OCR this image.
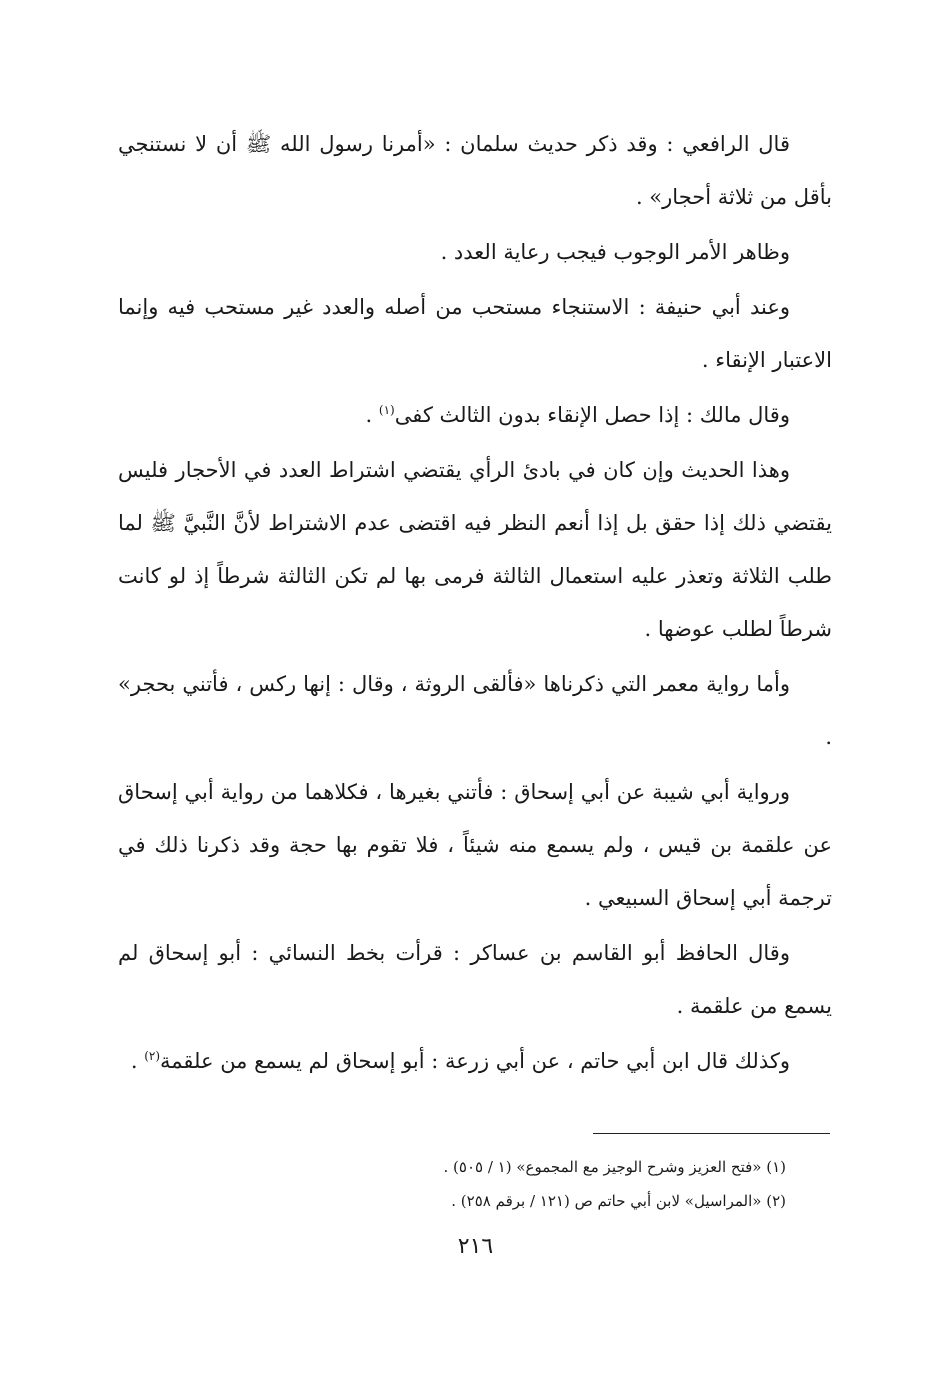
قال الرافعي : وقد ذكر حديث سلمان : «أمرنا رسول الله ﷺ أن لا نستنجي بأقل من ثلاثة أحجار» .

وظاهر الأمر الوجوب فيجب رعاية العدد .

وعند أبي حنيفة : الاستنجاء مستحب من أصله والعدد غير مستحب فيه وإنما الاعتبار الإنقاء .

وقال مالك : إذا حصل الإنقاء بدون الثالث كفى$^{(١)}$ .

وهذا الحديث وإن كان في بادئ الرأي يقتضي اشتراط العدد في الأحجار فليس يقتضي ذلك إذا حقق بل إذا أنعم النظر فيه اقتضى عدم الاشتراط لأنَّ النَّبيَّ ﷺ لما طلب الثلاثة وتعذر عليه استعمال الثالثة فرمى بها لم تكن الثالثة شرطاً إذ لو كانت شرطاً لطلب عوضها .

وأما رواية معمر التي ذكرناها «فألقى الروثة ، وقال : إنها ركس ، فأتني بحجر» .

ورواية أبي شيبة عن أبي إسحاق : فأتني بغيرها ، فكلاهما من رواية أبي إسحاق عن علقمة بن قيس ، ولم يسمع منه شيئاً ، فلا تقوم بها حجة وقد ذكرنا ذلك في ترجمة أبي إسحاق السبيعي .

وقال الحافظ أبو القاسم بن عساكر : قرأت بخط النسائي : أبو إسحاق لم يسمع من علقمة .

وكذلك قال ابن أبي حاتم ، عن أبي زرعة : أبو إسحاق لم يسمع من علقمة$^{(٢)}$ .

(١) «فتح العزيز وشرح الوجيز مع المجموع» (١ / ٥٠٥) .

(٢) «المراسيل» لابن أبي حاتم ص (١٢١ / برقم ٢٥٨) .

٢١٦
